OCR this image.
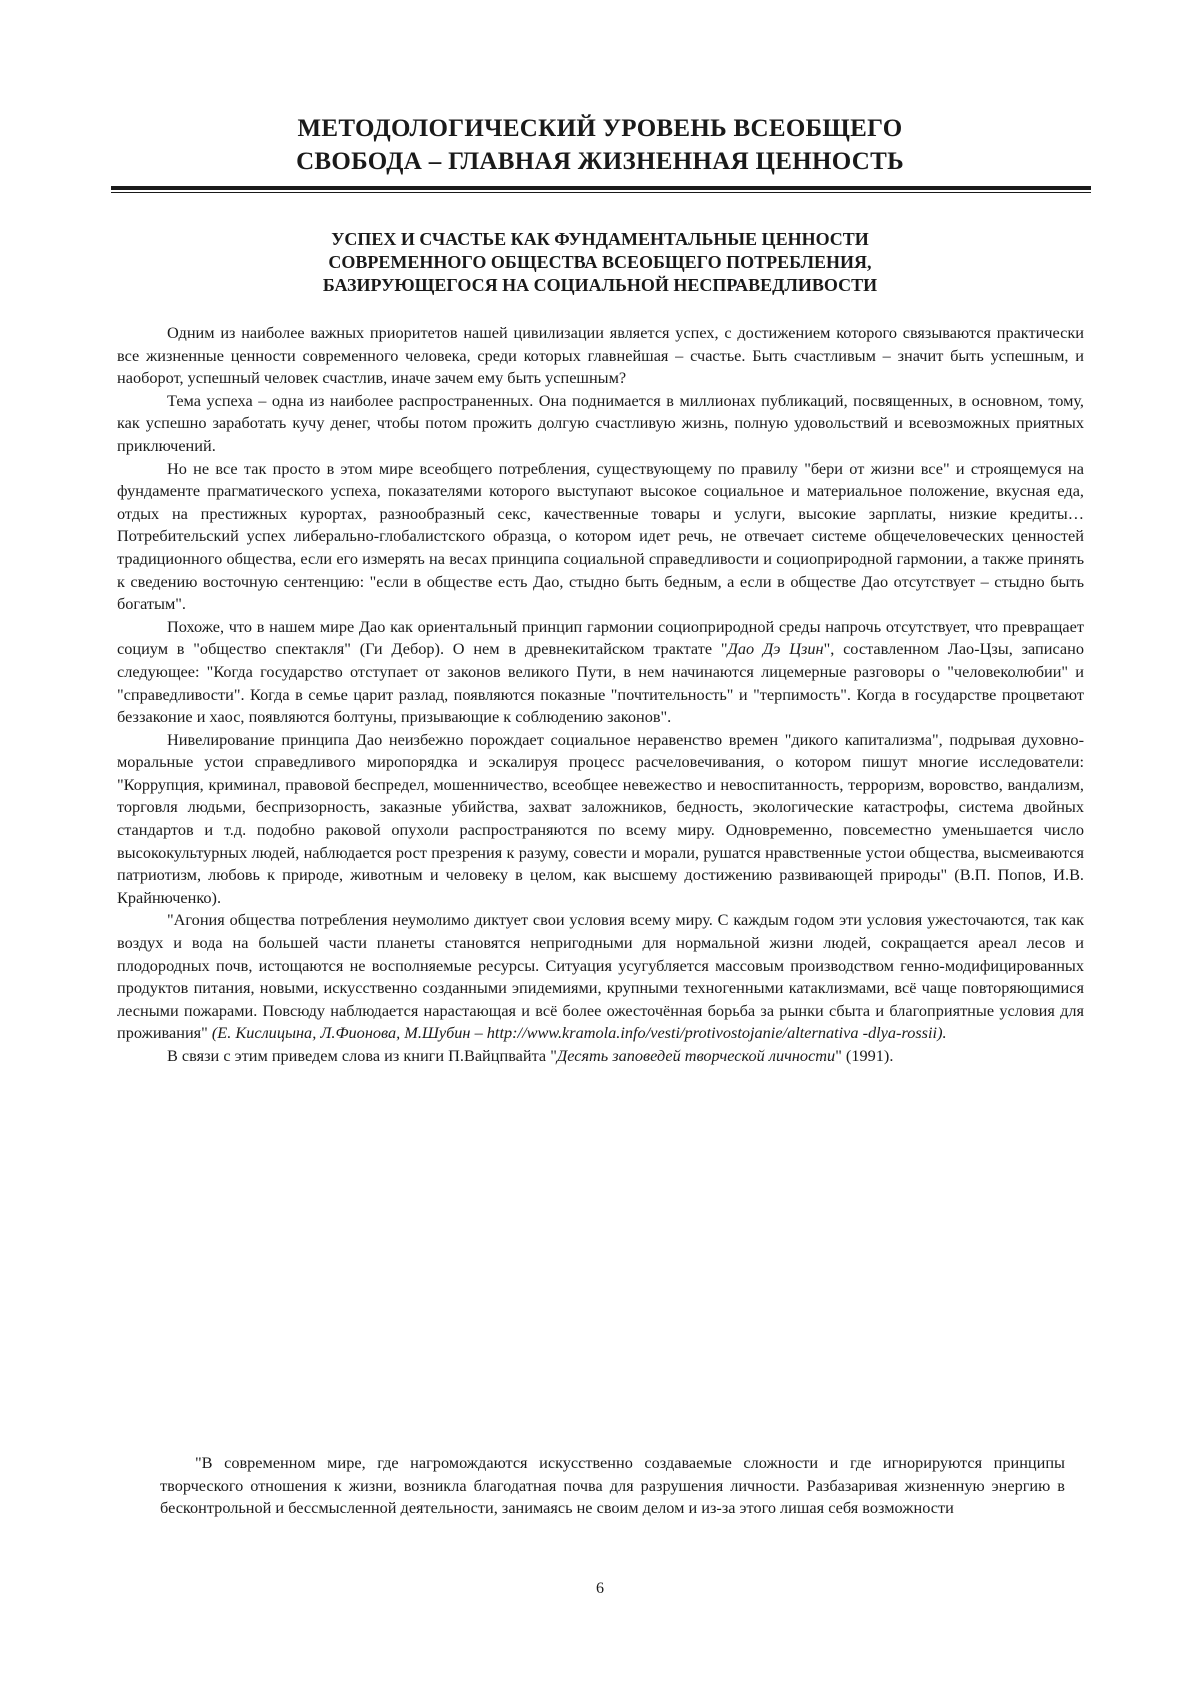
МЕТОДОЛОГИЧЕСКИЙ УРОВЕНЬ ВСЕОБЩЕГО

СВОБОДА – ГЛАВНАЯ ЖИЗНЕННАЯ ЦЕННОСТЬ

УСПЕХ И СЧАСТЬЕ КАК ФУНДАМЕНТАЛЬНЫЕ ЦЕННОСТИ

СОВРЕМЕННОГО ОБЩЕСТВА ВСЕОБЩЕГО ПОТРЕБЛЕНИЯ,

БАЗИРУЮЩЕГОСЯ НА СОЦИАЛЬНОЙ НЕСПРАВЕДЛИВОСТИ

Одним из наиболее важных приоритетов нашей цивилизации является успех, с достижением которого связываются практически все жизненные ценности современного человека, среди которых главнейшая – счастье. Быть счастливым – значит быть успешным, и наоборот, успешный человек счастлив, иначе зачем ему быть успешным?

Тема успеха – одна из наиболее распространенных. Она поднимается в миллионах публикаций, посвященных, в основном, тому, как успешно заработать кучу денег, чтобы потом прожить долгую счастливую жизнь, полную удовольствий и всевозможных приятных приключений.

Но не все так просто в этом мире всеобщего потребления, существующему по правилу "бери от жизни все" и строящемуся на фундаменте прагматического успеха, показателями которого выступают высокое социальное и материальное положение, вкусная еда, отдых на престижных курортах, разнообразный секс, качественные товары и услуги, высокие зарплаты, низкие кредиты… Потребительский успех либерально-глобалистского образца, о котором идет речь, не отвечает системе общечеловеческих ценностей традиционного общества, если его измерять на весах принципа социальной справедливости и социоприродной гармонии, а также принять к сведению восточную сентенцию: "если в обществе есть Дао, стыдно быть бедным, а если в обществе Дао отсутствует – стыдно быть богатым".

Похоже, что в нашем мире Дао как ориентальный принцип гармонии социоприродной среды напрочь отсутствует, что превращает социум в "общество спектакля" (Ги Дебор). О нем в древнекитайском трактате "Дао Дэ Цзин", составленном Лао-Цзы, записано следующее: "Когда государство отступает от законов великого Пути, в нем начинаются лицемерные разговоры о "человеколюбии" и "справедливости". Когда в семье царит разлад, появляются показные "почтительность" и "терпимость". Когда в государстве процветают беззаконие и хаос, появляются болтуны, призывающие к соблюдению законов".

Нивелирование принципа Дао неизбежно порождает социальное неравенство времен "дикого капитализма", подрывая духовно-моральные устои справедливого миропорядка и эскалируя процесс расчеловечивания, о котором пишут многие исследователи: "Коррупция, криминал, правовой беспредел, мошенничество, всеобщее невежество и невоспитанность, терроризм, воровство, вандализм, торговля людьми, беспризорность, заказные убийства, захват заложников, бедность, экологические катастрофы, система двойных стандартов и т.д. подобно раковой опухоли распространяются по всему миру. Одновременно, повсеместно уменьшается число высококультурных людей, наблюдается рост презрения к разуму, совести и морали, рушатся нравственные устои общества, высмеиваются патриотизм, любовь к природе, животным и человеку в целом, как высшему достижению развивающей природы" (В.П. Попов, И.В. Крайнюченко).

"Агония общества потребления неумолимо диктует свои условия всему миру. С каждым годом эти условия ужесточаются, так как воздух и вода на большей части планеты становятся непригодными для нормальной жизни людей, сокращается ареал лесов и плодородных почв, истощаются не восполняемые ресурсы. Ситуация усугубляется массовым производством генно-модифицированных продуктов питания, новыми, искусственно созданными эпидемиями, крупными техногенными катаклизмами, всё чаще повторяющимися лесными пожарами. Повсюду наблюдается нарастающая и всё более ожесточённая борьба за рынки сбыта и благоприятные условия для проживания" (Е. Кислицына, Л.Фионова, М.Шубин – http://www.kramola.info/vesti/protivostojanie/alternativa -dlya-rossii).

В связи с этим приведем слова из книги П.Вайцпвайта "Десять заповедей творческой личности" (1991).

"В современном мире, где нагромождаются искусственно создаваемые сложности и где игнорируются принципы творческого отношения к жизни, возникла благодатная почва для разрушения личности. Разбазаривая жизненную энергию в бесконтрольной и бессмысленной деятельности, занимаясь не своим делом и из-за этого лишая себя возможности

6
